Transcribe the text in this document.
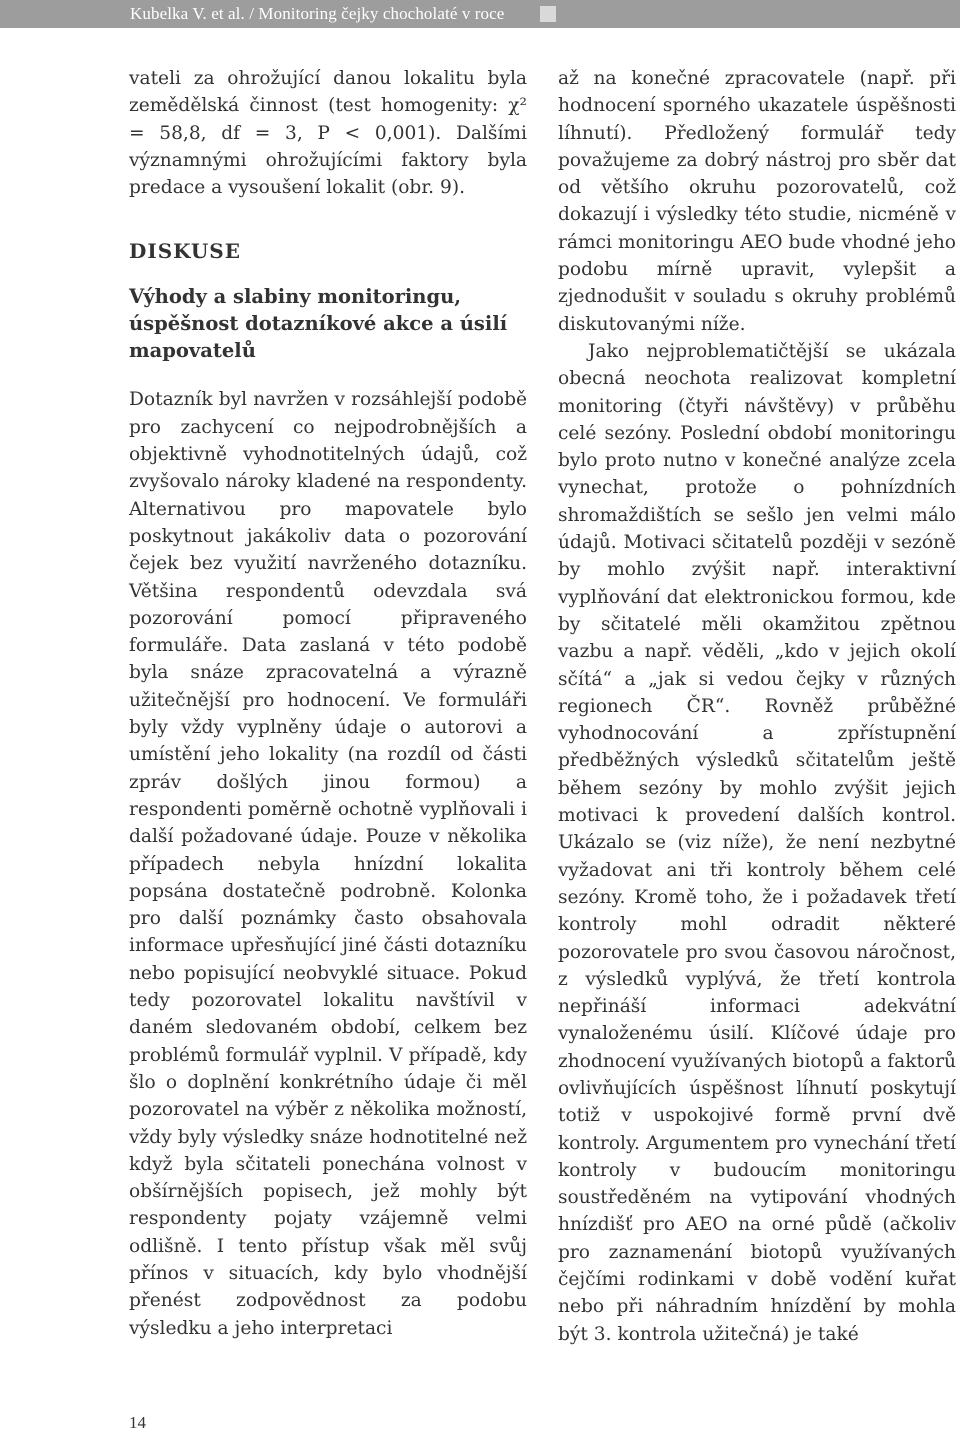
Kubelka V. et al. / Monitoring čejky chocholaté v roce 2008

vateli za ohrožující danou lokalitu byla zemědělská činnost (test homogenity: χ² = 58,8, df = 3, P < 0,001). Dalšími významnými ohrožujícími faktory byla predace a vysoušení lokalit (obr. 9).

DISKUSE
Výhody a slabiny monitoringu, úspěšnost dotazníkové akce a úsilí mapovatelů

Dotazník byl navržen v rozsáhlejší podobě pro zachycení co nejpodrobnějších a objektivně vyhodnotitelných údajů, což zvyšovalo nároky kladené na respondenty. Alternativou pro mapovatele bylo poskytnout jakákoliv data o pozorování čejek bez využití navrženého dotazníku. Většina respondentů odevzdala svá pozorování pomocí připraveného formuláře. Data zaslaná v této podobě byla snáze zpracovatelná a výrazně užitečnější pro hodnocení. Ve formuláři byly vždy vyplněny údaje o autorovi a umístění jeho lokality (na rozdíl od části zpráv došlých jinou formou) a respondenti poměrně ochotně vyplňovali i další požadované údaje. Pouze v několika případech nebyla hnízdní lokalita popsána dostatečně podrobně. Kolonka pro další poznámky často obsahovala informace upřesňující jiné části dotazníku nebo popisující neobvyklé situace. Pokud tedy pozorovatel lokalitu navštívil v daném sledovaném období, celkem bez problémů formulář vyplnil. V případě, kdy šlo o doplnění konkrétního údaje či měl pozorovatel na výběr z několika možností, vždy byly výsledky snáze hodnotitelné než když byla sčitateli ponechána volnost v obšírnějších popisech, jež mohly být respondenty pojaty vzájemně velmi odlišně. I tento přístup však měl svůj přínos v situacích, kdy bylo vhodnější přenést zodpovědnost za podobu výsledku a jeho interpretaci

až na konečné zpracovatele (např. při hodnocení sporného ukazatele úspěšnosti líhnutí). Předložený formulář tedy považujeme za dobrý nástroj pro sběr dat od většího okruhu pozorovatelů, což dokazují i výsledky této studie, nicméně v rámci monitoringu AEO bude vhodné jeho podobu mírně upravit, vylepšit a zjednodušit v souladu s okruhy problémů diskutovanými níže.

Jako nejproblematičtější se ukázala obecná neochota realizovat kompletní monitoring (čtyři návštěvy) v průběhu celé sezóny. Poslední období monitoringu bylo proto nutno v konečné analýze zcela vynechat, protože o pohnízdních shromaždištích se sešlo jen velmi málo údajů. Motivaci sčitatelů později v sezóně by mohlo zvýšit např. interaktivní vyplňování dat elektronickou formou, kde by sčitatelé měli okamžitou zpětnou vazbu a např. věděli, „kdo v jejich okolí sčítá“ a „jak si vedou čejky v různých regionech ČR“. Rovněž průběžné vyhodnocování a zpřístupnění předběžných výsledků sčitatelům ještě během sezóny by mohlo zvýšit jejich motivaci k provedení dalších kontrol. Ukázalo se (viz níže), že není nezbytné vyžadovat ani tři kontroly během celé sezóny. Kromě toho, že i požadavek třetí kontroly mohl odradit některé pozorovatele pro svou časovou náročnost, z výsledků vyplývá, že třetí kontrola nepřináší informaci adekvátní vynaloženému úsilí. Klíčové údaje pro zhodnocení využívaných biotopů a faktorů ovlivňujících úspěšnost líhnutí poskytují totiž v uspokojivé formě první dvě kontroly. Argumentem pro vynechání třetí kontroly v budoucím monitoringu soustředěném na vytipování vhodných hnízdišť pro AEO na orné půdě (ačkoliv pro zaznamenání biotopů využívaných čejčími rodinkami v době vodění kuřat nebo při náhradním hnízdění by mohla být 3. kontrola užitečná) je také

14
